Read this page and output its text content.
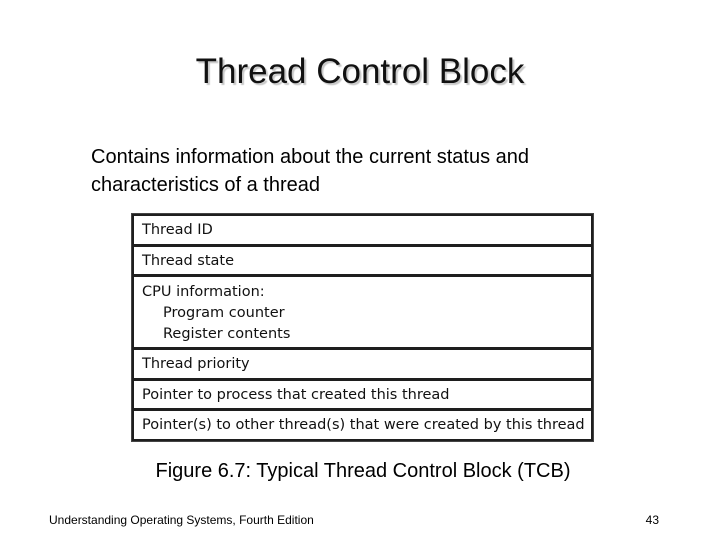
Thread Control Block
Contains information about the current status and
characteristics of a thread
Thread ID
Thread state
CPU information:
Program counter
Register contents
Thread priority
Pointer to process that created this thread
Pointer(s) to other thread(s) that were created by this thread
Figure 6.7: Typical Thread Control Block (TCB)
Understanding Operating Systems, Fourth Edition	43
